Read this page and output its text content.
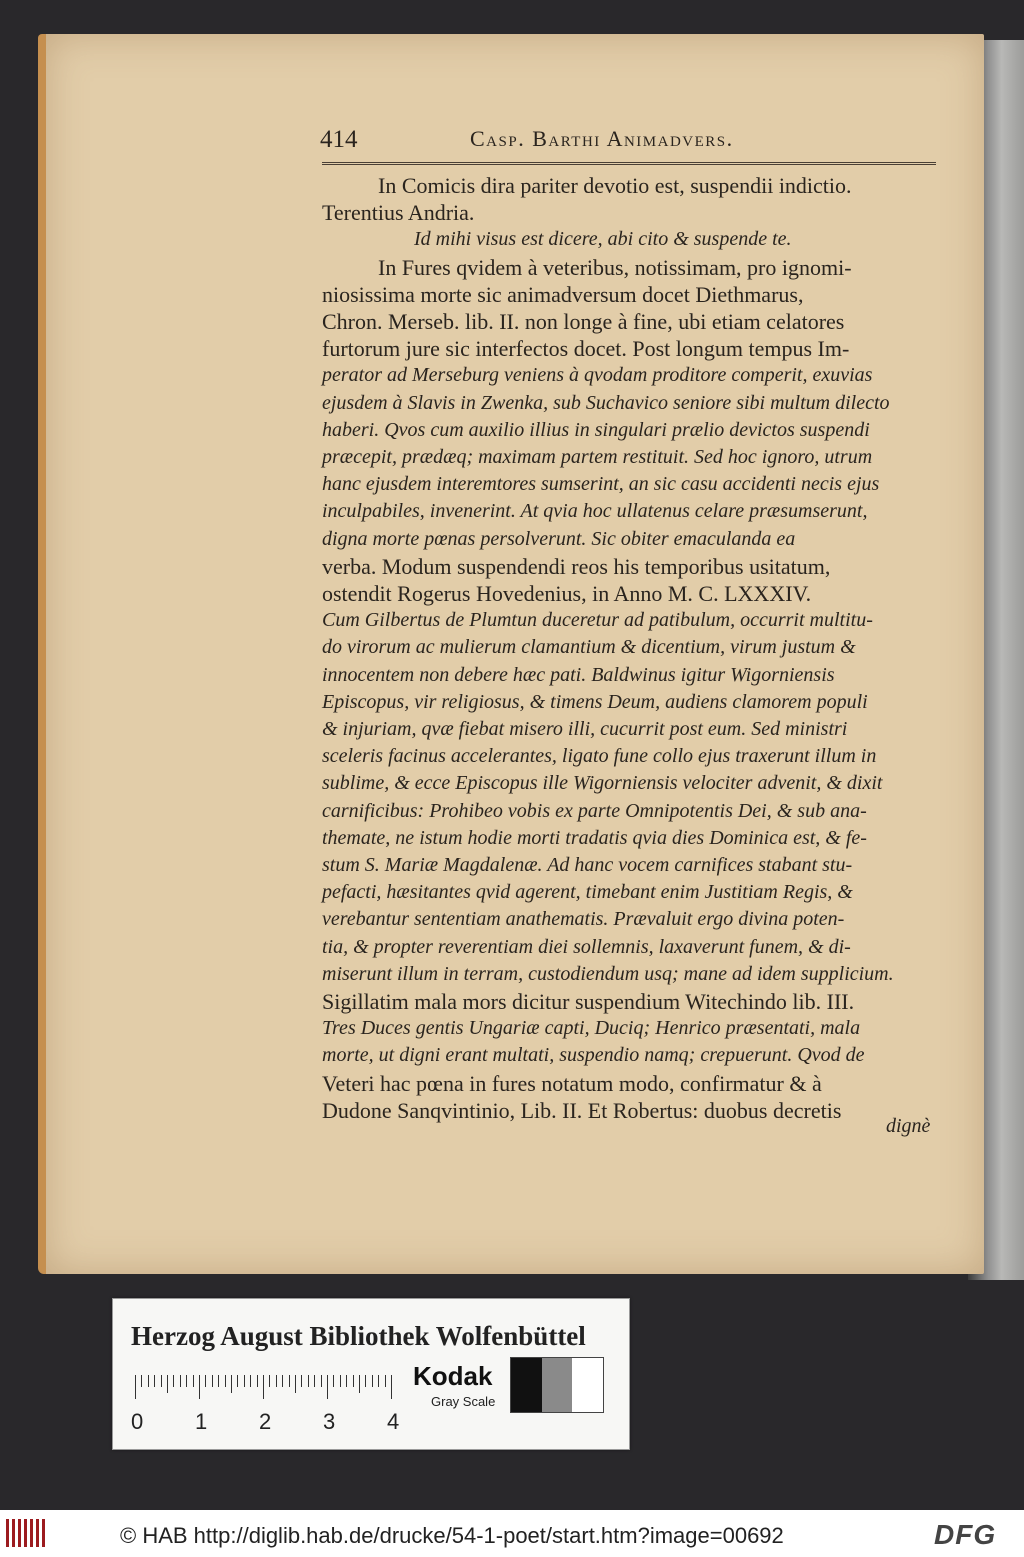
414	Casp. Barthi Animadvers.
In Comicis dira pariter devotio est, suspendii indictio.
Terentius Andria.
Id mihi visus est dicere, abi cito & suspende te.
In Fures qvidem à veteribus, notissimam, pro ignomi-
niosissima morte sic animadversum docet Diethmarus,
Chron. Merseb. lib. II. non longe à fine, ubi etiam celatores
furtorum jure sic interfectos docet. Post longum tempus Im-
perator ad Merseburg veniens à qvodam proditore comperit, exuvias
ejusdem à Slavis in Zwenka, sub Suchavico seniore sibi multum dilecto
haberi. Qvos cum auxilio illius in singulari prælio devictos suspendi
præcepit, prædæq; maximam partem restituit. Sed hoc ignoro, utrum
hanc ejusdem interemtores sumserint, an sic casu accidenti necis ejus
inculpabiles, invenerint. At qvia hoc ullatenus celare præsumserunt,
digna morte pœnas persolverunt. Sic obiter emaculanda ea
verba. Modum suspendendi reos his temporibus usitatum,
ostendit Rogerus Hovedenius, in Anno M. C. LXXXIV.
Cum Gilbertus de Plumtun duceretur ad patibulum, occurrit multitu-
do virorum ac mulierum clamantium & dicentium, virum justum &
innocentem non debere hæc pati. Baldwinus igitur Wigorniensis
Episcopus, vir religiosus, & timens Deum, audiens clamorem populi
& injuriam, qvæ fiebat misero illi, cucurrit post eum. Sed ministri
sceleris facinus accelerantes, ligato fune collo ejus traxerunt illum in
sublime, & ecce Episcopus ille Wigorniensis velociter advenit, & dixit
carnificibus: Prohibeo vobis ex parte Omnipotentis Dei, & sub ana-
themate, ne istum hodie morti tradatis qvia dies Dominica est, & fe-
stum S. Mariæ Magdalenæ. Ad hanc vocem carnifices stabant stu-
pefacti, hæsitantes qvid agerent, timebant enim Justitiam Regis, &
verebantur sententiam anathematis. Prævaluit ergo divina poten-
tia, & propter reverentiam diei sollemnis, laxaverunt funem, & di-
miserunt illum in terram, custodiendum usq; mane ad idem supplicium.
Sigillatim mala mors dicitur suspendium Witechindo lib. III.
Tres Duces gentis Ungariæ capti, Duciq; Henrico præsentati, mala
morte, ut digni erant multati, suspendio namq; crepuerunt. Qvod de
Veteri hac pœna in fures notatum modo, confirmatur & à
Dudone Sanqvintinio, Lib. II. Et Robertus: duobus decretis
dignè
Herzog August Bibliothek Wolfenbüttel
0 1 2 3 4
Kodak
Gray Scale
© HAB http://diglib.hab.de/drucke/54-1-poet/start.htm?image=00692	DFG
